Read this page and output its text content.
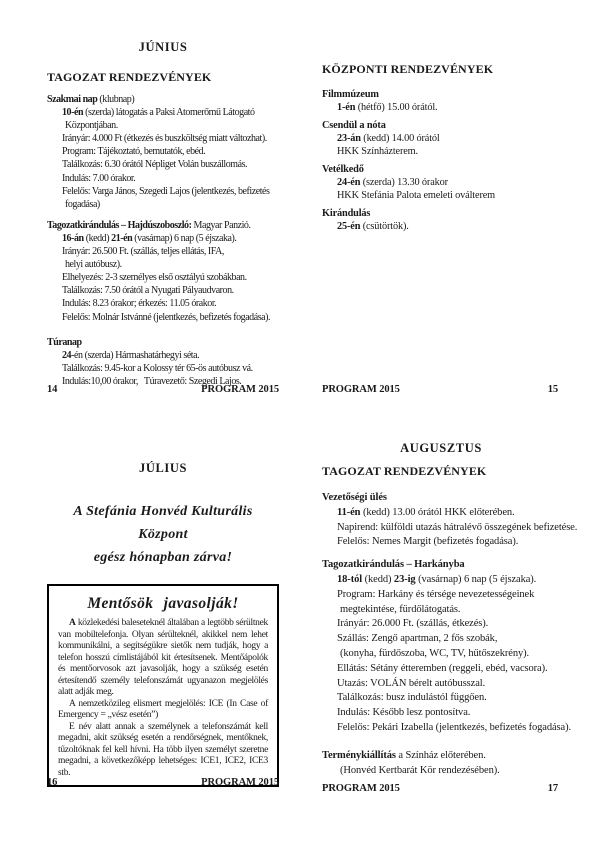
JÚNIUS
TAGOZAT RENDEZVÉNYEK
Szakmai nap (klubnap)
10-én (szerda) látogatás a Paksi Atomerőmű Látogató
Központjában.
Irányár: 4.000 Ft (étkezés és buszköltség miatt változhat).
Program: Tájékoztató, bemutatók, ebéd.
Találkozás: 6.30 órától Népliget Volán buszállomás.
Indulás: 7.00 órakor.
Felelős: Varga János, Szegedi Lajos (jelentkezés, befizetés
fogadása)
Tagozatkirándulás – Hajdúszoboszló: Magyar Panzió.
16-án (kedd) 21-én (vasárnap) 6 nap (5 éjszaka).
Irányár: 26.500 Ft. (szállás, teljes ellátás, IFA,
helyi autóbusz).
Elhelyezés: 2-3 személyes első osztályú szobákban.
Találkozás: 7.50 órától a Nyugati Pályaudvaron.
Indulás: 8.23 órakor; érkezés: 11.05 órakor.
Felelős: Molnár Istvánné (jelentkezés, befizetés fogadása).
Túranap
24-én (szerda) Hármashatárhegyi séta.
Találkozás: 9.45-kor a Kolossy tér 65-ös autóbusz vá.
Indulás:10,00 órakor,   Túravezető: Szegedi Lajos.
KÖZPONTI RENDEZVÉNYEK
Filmmúzeum
1-én (hétfő) 15.00 órától.
Csendül a nóta
23-án (kedd) 14.00 órától
HKK Színházterem.
Vetélkedő
24-én (szerda) 13.30 órakor
HKK Stefánia Palota emeleti oválterem
Kirándulás
25-én (csütörtök).
JÚLIUS
A Stefánia Honvéd Kulturális Központ
egész hónapban zárva!
Mentősök javasolják!

A közlekedési baleseteknél általában a legtöbb sérültnek van mobiltelefonja. Olyan sérülteknél, akikkel nem lehet kommunikálni, a segítségükre sietők nem tudják, hogy a telefon hosszú címlistájából kit értesítsenek. Mentőápolók és mentőorvosok azt javasolják, hogy a szükség esetén értesítendő személy telefonszámát ugyanazon megjelölés alatt adják meg.

A nemzetközileg elismert megjelölés: ICE (In Case of Emergency = „vész esetén”)

E név alatt annak a személynek a telefonszámát kell megadni, akit szükség esetén a rendőrségnek, mentőknek, tűzoltóknak fel kell hívni. Ha több ilyen személyt szeretne megadni, a következőképp lehetséges: ICE1, ICE2, ICE3 stb.

AUGUSZTUS
TAGOZAT RENDEZVÉNYEK
Vezetőségi ülés
11-én (kedd) 13.00 órától HKK előterében.
Napirend: külföldi utazás hátralévő összegének befizetése.
Felelős: Nemes Margit (befizetés fogadása).
Tagozatkirándulás – Harkányba
18-tól (kedd) 23-ig (vasárnap) 6 nap (5 éjszaka).
Program: Harkány és térsége nevezetességeinek
megtekintése, fürdőlátogatás.
Irányár: 26.000 Ft. (szállás, étkezés).
Szállás: Zengő apartman, 2 fős szobák,
(konyha, fürdőszoba, WC, TV, hűtőszekrény).
Ellátás: Sétány étteremben (reggeli, ebéd, vacsora).
Utazás: VOLÁN bérelt autóbusszal.
Találkozás: busz indulástól függően.
Indulás: Később lesz pontosítva.
Felelős: Pekári Izabella (jelentkezés, befizetés fogadása).
Terménykiállítás a Színház előterében.
(Honvéd Kertbarát Kör rendezésében).
14	PROGRAM 2015	PROGRAM 2015	15
16	PROGRAM 2015
PROGRAM 2015	17
